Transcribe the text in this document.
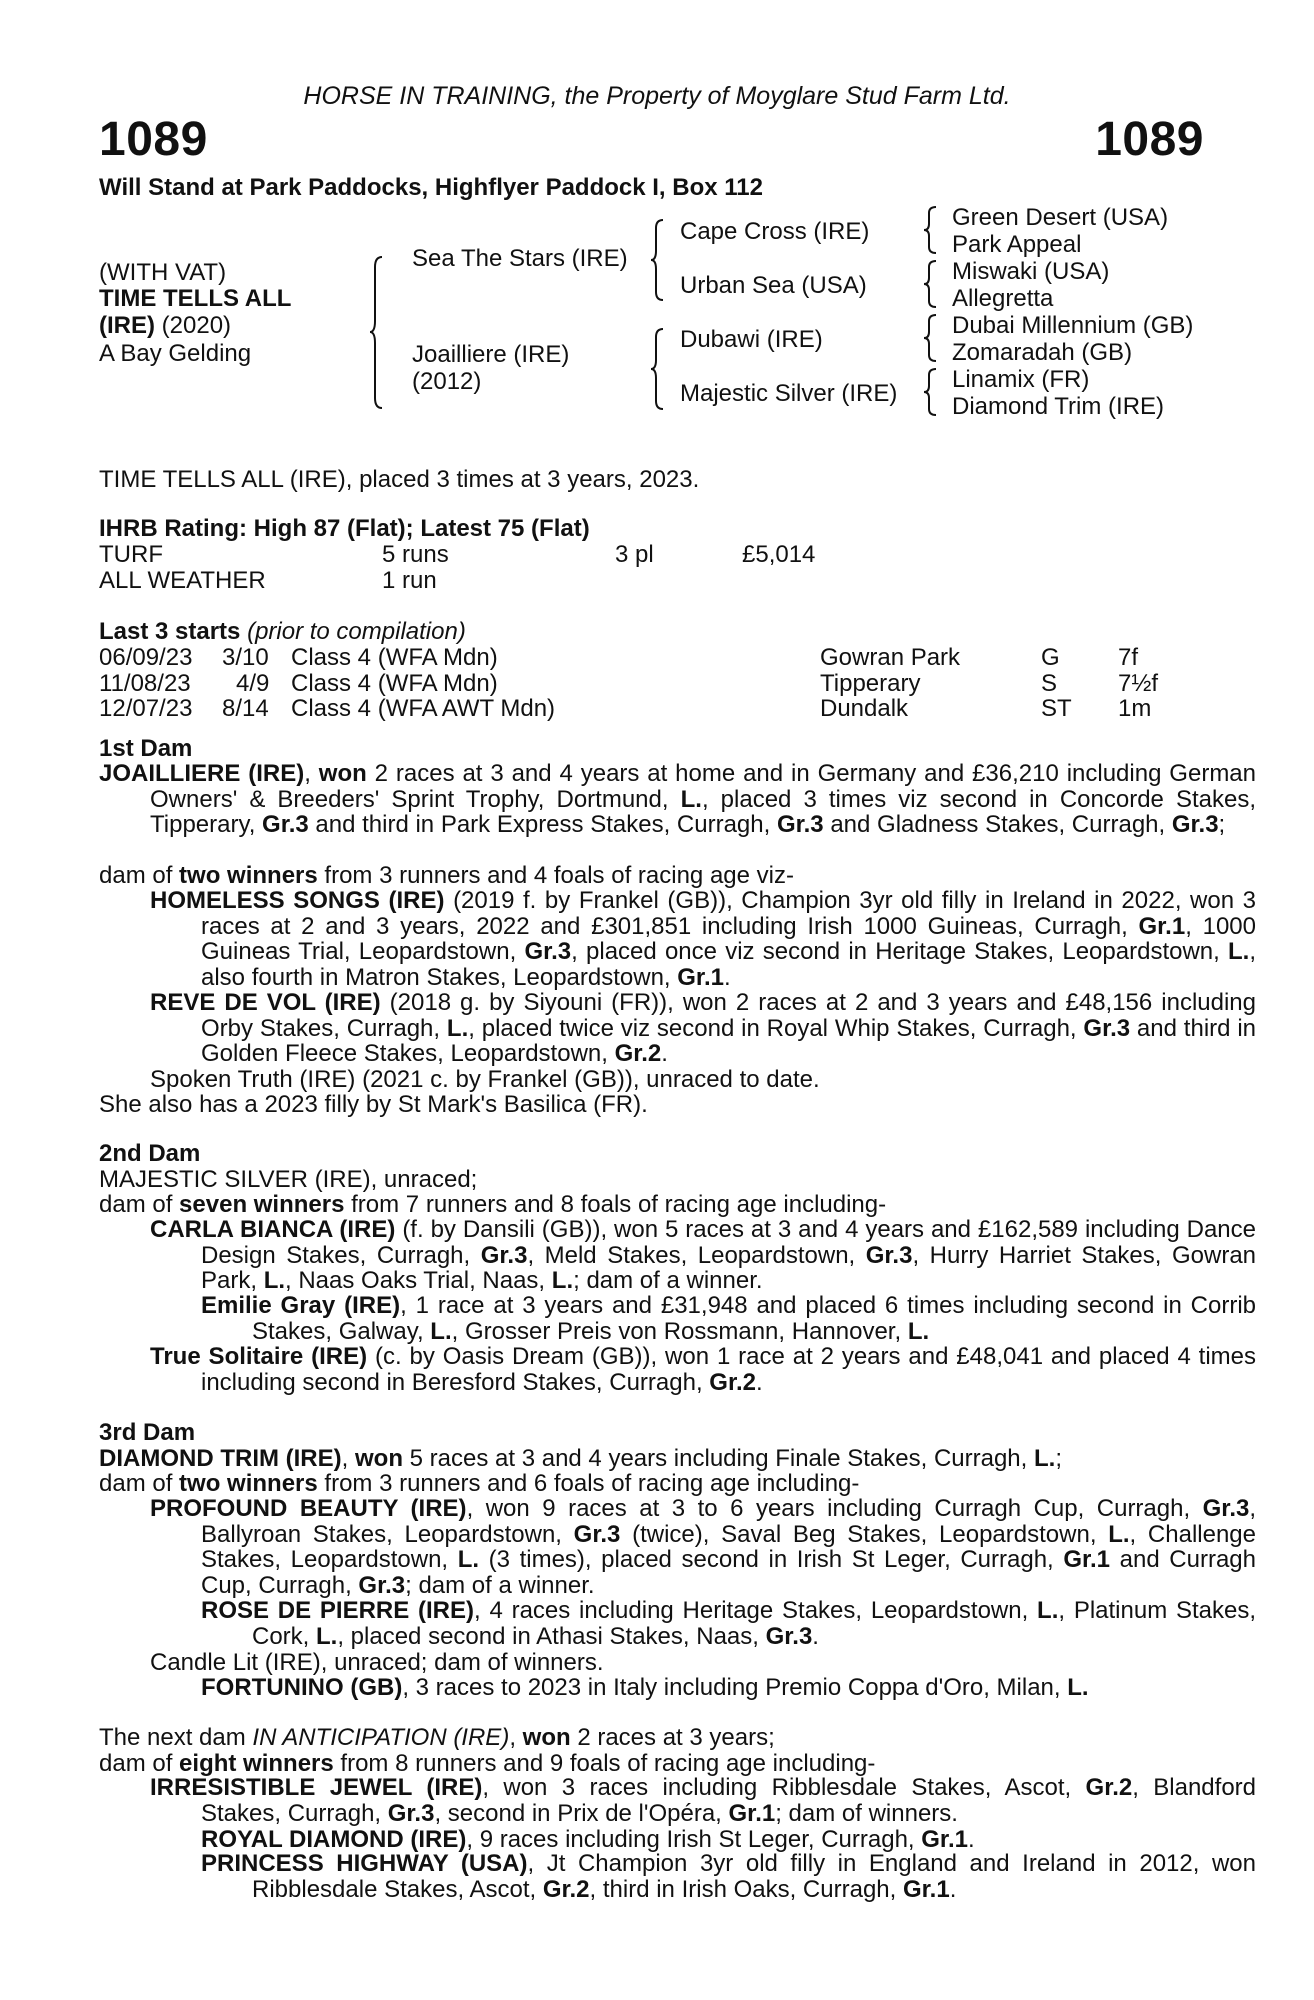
HORSE IN TRAINING, the Property of Moyglare Stud Farm Ltd.
1089	1089
Will Stand at Park Paddocks, Highflyer Paddock I, Box 112
(WITH VAT)
TIME TELLS ALL
(IRE) (2020)
A Bay Gelding
Sea The Stars (IRE)
Joailliere (IRE)
(2012)
Cape Cross (IRE)
Urban Sea (USA)
Dubawi (IRE)
Majestic Silver (IRE)
Green Desert (USA)
Park Appeal
Miswaki (USA)
Allegretta
Dubai Millennium (GB)
Zomaradah (GB)
Linamix (FR)
Diamond Trim (IRE)
TIME TELLS ALL (IRE), placed 3 times at 3 years, 2023.
IHRB Rating: High 87 (Flat); Latest 75 (Flat)
TURF	5 runs	3 pl	£5,014
ALL WEATHER	1 run
Last 3 starts (prior to compilation)
06/09/23 3/10 Class 4 (WFA Mdn)	Gowran Park	G 7f
11/08/23 4/9 Class 4 (WFA Mdn)	Tipperary	S	7½f
12/07/23 8/14 Class 4 (WFA AWT Mdn)	Dundalk	ST 1m
1st Dam

JOAILLIERE (IRE), won 2 races at 3 and 4 years at home and in Germany and £36,210 including German Owners' & Breeders' Sprint Trophy, Dortmund, L., placed 3 times viz second in Concorde Stakes, Tipperary, Gr.3 and third in Park Express Stakes, Curragh, Gr.3 and Gladness Stakes, Curragh, Gr.3;

dam of two winners from 3 runners and 4 foals of racing age viz-

HOMELESS SONGS (IRE) (2019 f. by Frankel (GB)), Champion 3yr old filly in Ireland in 2022, won 3 races at 2 and 3 years, 2022 and £301,851 including Irish 1000 Guineas, Curragh, Gr.1, 1000 Guineas Trial, Leopardstown, Gr.3, placed once viz second in Heritage Stakes, Leopardstown, L., also fourth in Matron Stakes, Leopardstown, Gr.1.

REVE DE VOL (IRE) (2018 g. by Siyouni (FR)), won 2 races at 2 and 3 years and £48,156 including Orby Stakes, Curragh, L., placed twice viz second in Royal Whip Stakes, Curragh, Gr.3 and third in Golden Fleece Stakes, Leopardstown, Gr.2.

Spoken Truth (IRE) (2021 c. by Frankel (GB)), unraced to date.
She also has a 2023 filly by St Mark's Basilica (FR).
2nd Dam
MAJESTIC SILVER (IRE), unraced;
dam of seven winners from 7 runners and 8 foals of racing age including-

CARLA BIANCA (IRE) (f. by Dansili (GB)), won 5 races at 3 and 4 years and £162,589 including Dance Design Stakes, Curragh, Gr.3, Meld Stakes, Leopardstown, Gr.3, Hurry Harriet Stakes, Gowran Park, L., Naas Oaks Trial, Naas, L.; dam of a winner.

Emilie Gray (IRE), 1 race at 3 years and £31,948 and placed 6 times including second in Corrib Stakes, Galway, L., Grosser Preis von Rossmann, Hannover, L.

True Solitaire (IRE) (c. by Oasis Dream (GB)), won 1 race at 2 years and £48,041 and placed 4 times including second in Beresford Stakes, Curragh, Gr.2.

3rd Dam
DIAMOND TRIM (IRE), won 5 races at 3 and 4 years including Finale Stakes, Curragh, L.;
dam of two winners from 3 runners and 6 foals of racing age including-

PROFOUND BEAUTY (IRE), won 9 races at 3 to 6 years including Curragh Cup, Curragh, Gr.3, Ballyroan Stakes, Leopardstown, Gr.3 (twice), Saval Beg Stakes, Leopardstown, L., Challenge Stakes, Leopardstown, L. (3 times), placed second in Irish St Leger, Curragh, Gr.1 and Curragh Cup, Curragh, Gr.3; dam of a winner.

ROSE DE PIERRE (IRE), 4 races including Heritage Stakes, Leopardstown, L., Platinum Stakes, Cork, L., placed second in Athasi Stakes, Naas, Gr.3.

Candle Lit (IRE), unraced; dam of winners.
FORTUNINO (GB), 3 races to 2023 in Italy including Premio Coppa d'Oro, Milan, L.
The next dam IN ANTICIPATION (IRE), won 2 races at 3 years;
dam of eight winners from 8 runners and 9 foals of racing age including-

IRRESISTIBLE JEWEL (IRE), won 3 races including Ribblesdale Stakes, Ascot, Gr.2, Blandford Stakes, Curragh, Gr.3, second in Prix de l'Opéra, Gr.1; dam of winners.

ROYAL DIAMOND (IRE), 9 races including Irish St Leger, Curragh, Gr.1.

PRINCESS HIGHWAY (USA), Jt Champion 3yr old filly in England and Ireland in 2012, won Ribblesdale Stakes, Ascot, Gr.2, third in Irish Oaks, Curragh, Gr.1.
